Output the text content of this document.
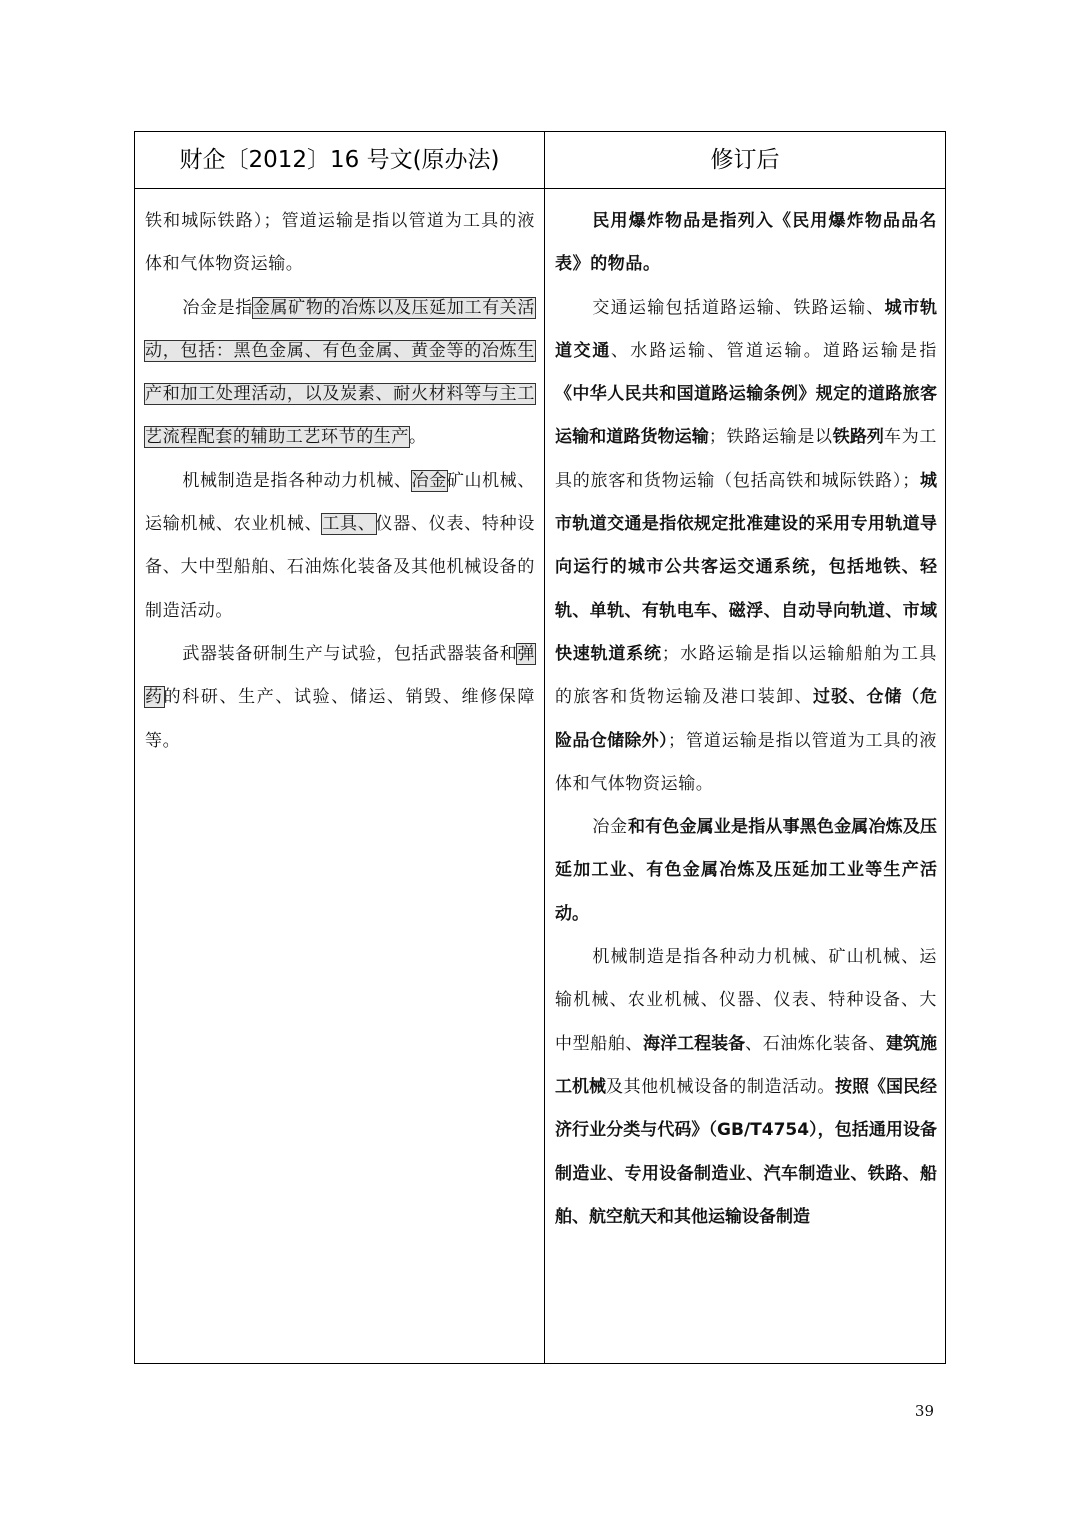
财企〔2012〕16 号文(原办法)	修订后

铁和城际铁路）；管道运输是指以管道为工具的液体和气体物资运输。

冶金是指金属矿物的冶炼以及压延加工有关活动，包括：黑色金属、有色金属、黄金等的冶炼生产和加工处理活动，以及炭素、耐火材料等与主工艺流程配套的辅助工艺环节的生产。

机械制造是指各种动力机械、冶金矿山机械、运输机械、农业机械、工具、仪器、仪表、特种设备、大中型船舶、石油炼化装备及其他机械设备的制造活动。

武器装备研制生产与试验，包括武器装备和弹药的科研、生产、试验、储运、销毁、维修保障等。

民用爆炸物品是指列入《民用爆炸物品品名表》的物品。

交通运输包括道路运输、铁路运输、城市轨道交通、水路运输、管道运输。道路运输是指《中华人民共和国道路运输条例》规定的道路旅客运输和道路货物运输；铁路运输是以铁路列车为工具的旅客和货物运输（包括高铁和城际铁路）；城市轨道交通是指依规定批准建设的采用专用轨道导向运行的城市公共客运交通系统，包括地铁、轻轨、单轨、有轨电车、磁浮、自动导向轨道、市域快速轨道系统；水路运输是指以运输船舶为工具的旅客和货物运输及港口装卸、过驳、仓储（危险品仓储除外）；管道运输是指以管道为工具的液体和气体物资运输。

冶金和有色金属业是指从事黑色金属冶炼及压延加工业、有色金属冶炼及压延加工业等生产活动。

机械制造是指各种动力机械、矿山机械、运输机械、农业机械、仪器、仪表、特种设备、大中型船舶、海洋工程装备、石油炼化装备、建筑施工机械及其他机械设备的制造活动。按照《国民经济行业分类与代码》（GB/T4754），包括通用设备制造业、专用设备制造业、汽车制造业、铁路、船舶、航空航天和其他运输设备制造

39
